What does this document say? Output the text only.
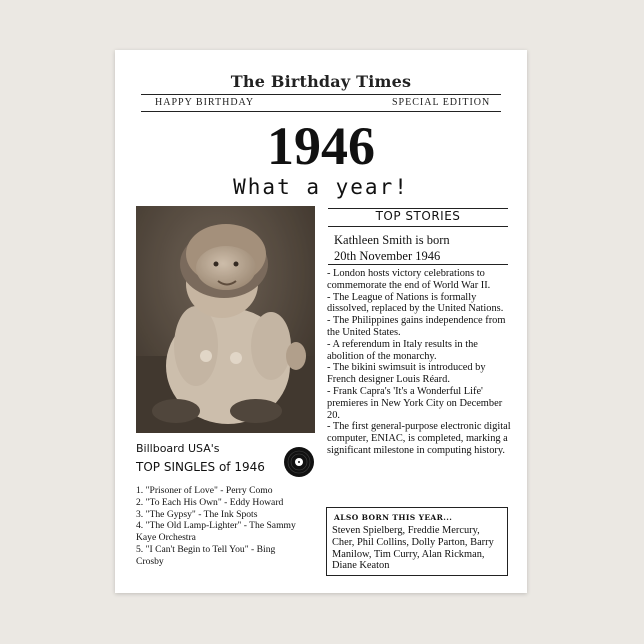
The Birthday Times
HAPPY BIRTHDAY	SPECIAL EDITION
1946
What a year!
TOP STORIES
Kathleen Smith is born
20th November 1946
- London hosts victory celebrations to commemorate the end of World War II.
- The League of Nations is formally dissolved, replaced by the United Nations.
- The Philippines gains independence from the United States.
- A referendum in Italy results in the abolition of the monarchy.
- The bikini swimsuit is introduced by French designer Louis Réard.
- Frank Capra's 'It's a Wonderful Life' premieres in New York City on December 20.
- The first general-purpose electronic digital computer, ENIAC, is completed, marking a significant milestone in computing history.
ALSO BORN THIS YEAR...
Steven Spielberg, Freddie Mercury, Cher, Phil Collins, Dolly Parton, Barry Manilow, Tim Curry, Alan Rickman, Diane Keaton
Billboard USA's
TOP SINGLES of 1946
1. "Prisoner of Love" - Perry Como
2. "To Each His Own" - Eddy Howard
3. "The Gypsy" - The Ink Spots
4. "The Old Lamp-Lighter" - The Sammy Kaye Orchestra
5. "I Can't Begin to Tell You" - Bing Crosby
